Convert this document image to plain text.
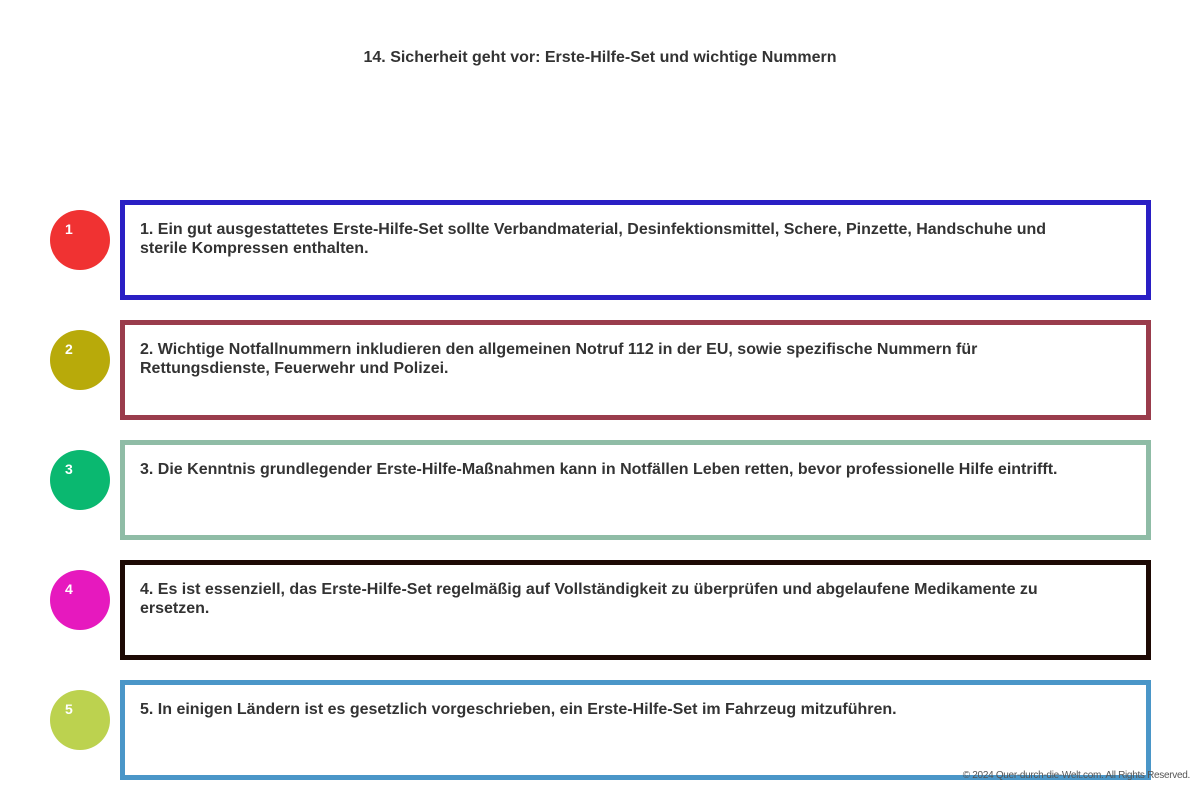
14. Sicherheit geht vor: Erste-Hilfe-Set und wichtige Nummern
1	1. Ein gut ausgestattetes Erste-Hilfe-Set sollte Verbandmaterial, Desinfektionsmittel, Schere, Pinzette, Handschuhe und sterile Kompressen enthalten.
2	2. Wichtige Notfallnummern inkludieren den allgemeinen Notruf 112 in der EU, sowie spezifische Nummern für Rettungsdienste, Feuerwehr und Polizei.
3	3. Die Kenntnis grundlegender Erste-Hilfe-Maßnahmen kann in Notfällen Leben retten, bevor professionelle Hilfe eintrifft.
4	4. Es ist essenziell, das Erste-Hilfe-Set regelmäßig auf Vollständigkeit zu überprüfen und abgelaufene Medikamente zu ersetzen.
5	5. In einigen Ländern ist es gesetzlich vorgeschrieben, ein Erste-Hilfe-Set im Fahrzeug mitzuführen.
© 2024 Quer-durch-die-Welt.com. All Rights Reserved.
